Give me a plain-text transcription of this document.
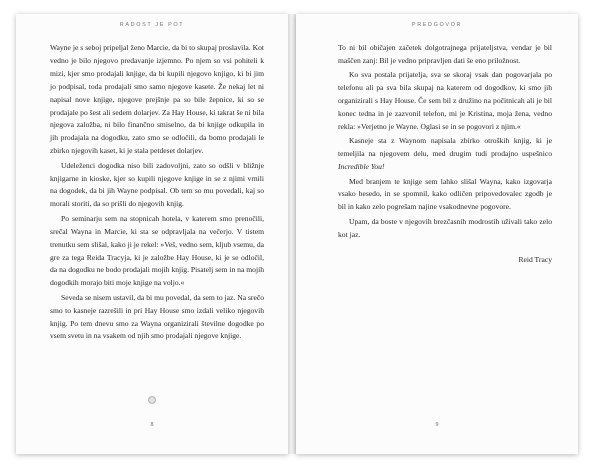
RADOST JE POT

Wayne je s seboj pripeljal ženo Marcie, da bi to skupaj proslavila. Kot vedno je bilo njegovo predavanje izjemno. Po njem so vsi pohiteli k mizi, kjer smo prodajali knjige, da bi kupili njegovo knjigo, ki bi jim jo podpisal, toda prodajali smo samo njegove kasete. Že nekaj let ni napisal nove knjige, njegove prejšnje pa so bile žepnice, ki so se prodajale po šest ali sedem dolarjev. Za Hay House, ki takrat še ni bila njegova založba, ni bilo finančno smiselno, da bi knjige odkupila in jih prodajala na dogodku, zato smo se odločili, da bomo prodajali le zbirko njegovih kaset, ki je stala petdeset dolarjev.

Udeleženci dogodka niso bili zadovoljni, zato so odšli v bližnje knjigarne in kioske, kjer so kupili njegove knjige in se z njimi vrnili na dogodek, da bi jih Wayne podpisal. Ob tem so mu povedali, kaj so morali storiti, da so prišli do njegovih knjig.

Po seminarju sem na stopnicah hotela, v katerem smo prenočili, srečal Wayna in Marcie, ki sta se odpravljala na večerjo. V tistem trenutku sem slišal, kako ji je rekel: »Veš, vedno sem, kljub vsemu, da gre za tega Reida Tracyja, ki je založbe Hay House, ki je se odločil, da na dogodku ne bodo prodajali mojih knjig. Pisatelj sem in na mojih dogodkih morajo biti moje knjige na voljo.«

Seveda se nisem ustavil, da bi mu povedal, da sem to jaz. Na srečo smo to kasneje razrešili in pri Hay House smo izdali veliko njegovih knjig. Po tem dnevu smo za Wayna organizirali številne dogodke po vsem svetu in na vsakem od njih smo prodajali njegove knjige.

8
PREDGOVOR

To ni bil običajen začetek dolgotrajnega prijateljstva, vendar je bil maščen zanj: Bil je vedno pripravljen dati še eno priložnost.

Ko sva postala prijatelja, sva se skoraj vsak dan pogovarjala po telefonu ali pa sva bila skupaj na katerem od dogodkov, ki smo jih organizirali s Hay House. Če sem bil z družino na počitnicah ali je bil konec tedna in je zazvonil telefon, mi je Kristina, moja žena, vedno rekla: »Verjetno je Wayne. Oglasi se in se pogovori z njim.«

Kasneje sta z Waynom napisala zbirko otroških knjig, ki je temeljila na njegovem delu, med drugim tudi prodajno uspešnico Incredible You!

Med branjem te knjige sem lahko slišal Wayna, kako izgovarja vsako besedo, in se spomnil, kako odličen pripovedovalec zgodb je bil in kako zelo pogrešam najine vsakodnevne pogovore.

Upam, da boste v njegovih brezčasnih modrostih uživali tako zelo kot jaz.

Reid Tracy
9
